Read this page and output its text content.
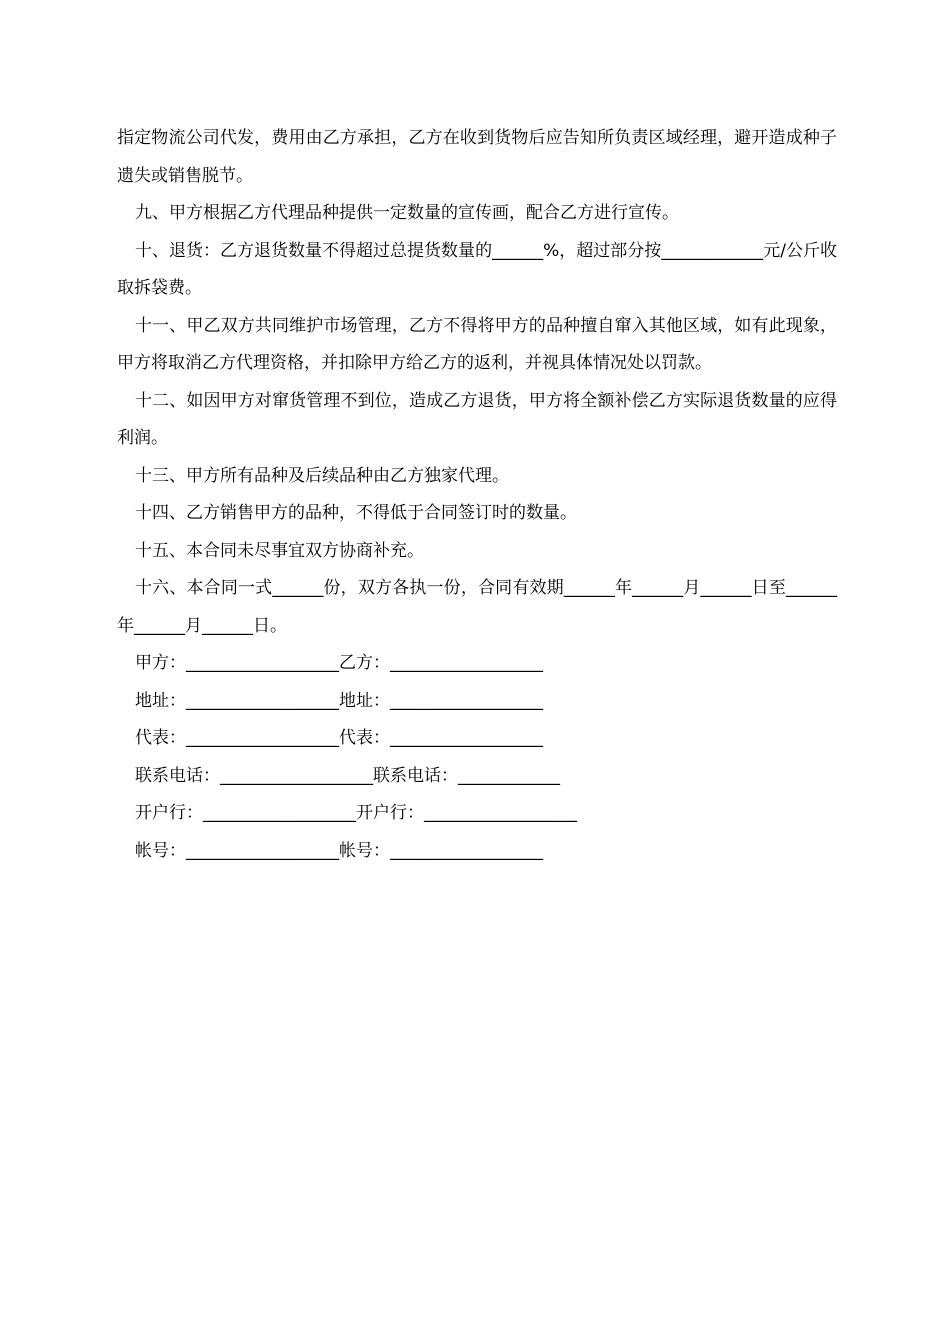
指定物流公司代发，费用由乙方承担，乙方在收到货物后应告知所负责区域经理，避开造成种子遗失或销售脱节。

九、甲方根据乙方代理品种提供一定数量的宣传画，配合乙方进行宣传。

十、退货：乙方退货数量不得超过总提货数量的______%，超过部分按____________元/公斤收取拆袋费。

十一、甲乙双方共同维护市场管理，乙方不得将甲方的品种擅自窜入其他区域，如有此现象，甲方将取消乙方代理资格，并扣除甲方给乙方的返利，并视具体情况处以罚款。

十二、如因甲方对窜货管理不到位，造成乙方退货，甲方将全额补偿乙方实际退货数量的应得利润。

十三、甲方所有品种及后续品种由乙方独家代理。

十四、乙方销售甲方的品种，不得低于合同签订时的数量。

十五、本合同未尽事宜双方协商补充。

十六、本合同一式______份，双方各执一份，合同有效期______年______月______日至______年______月______日。

甲方：__________________乙方：__________________
地址：__________________地址：__________________
代表：__________________代表：__________________
联系电话：__________________联系电话：____________
开户行：__________________开户行：__________________
帐号：__________________帐号：__________________
